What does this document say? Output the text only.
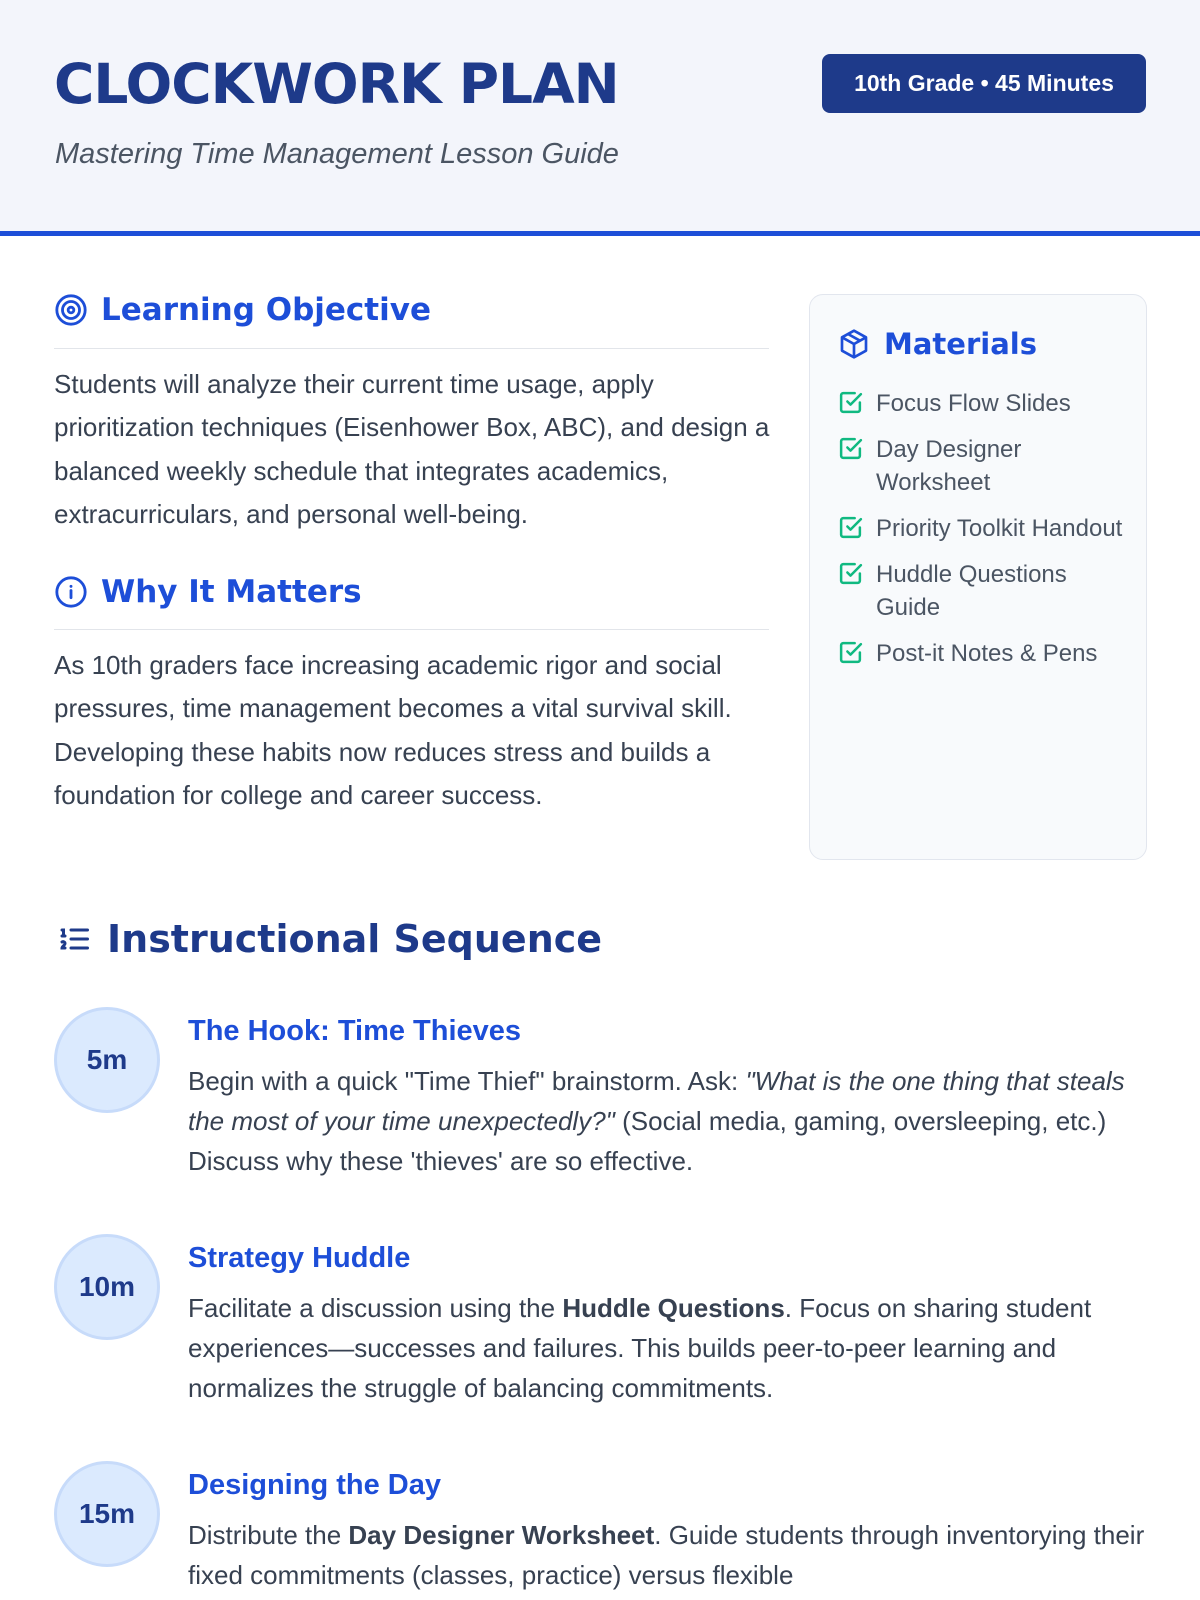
CLOCKWORK PLAN
Mastering Time Management Lesson Guide
10th Grade • 45 Minutes
Learning Objective

Students will analyze their current time usage, apply prioritization techniques (Eisenhower Box, ABC), and design a balanced weekly schedule that integrates academics, extracurriculars, and personal well-being.

Why It Matters

As 10th graders face increasing academic rigor and social pressures, time management becomes a vital survival skill. Developing these habits now reduces stress and builds a foundation for college and career success.

Materials
Focus Flow Slides
Day Designer Worksheet
Priority Toolkit Handout
Huddle Questions Guide
Post-it Notes & Pens
Instructional Sequence
5m
The Hook: Time Thieves

Begin with a quick "Time Thief" brainstorm. Ask: "What is the one thing that steals the most of your time unexpectedly?" (Social media, gaming, oversleeping, etc.) Discuss why these 'thieves' are so effective.

10m
Strategy Huddle

Facilitate a discussion using the Huddle Questions. Focus on sharing student experiences—successes and failures. This builds peer-to-peer learning and normalizes the struggle of balancing commitments.

15m
Designing the Day

Distribute the Day Designer Worksheet. Guide students through inventorying their fixed commitments (classes, practice) versus flexible
